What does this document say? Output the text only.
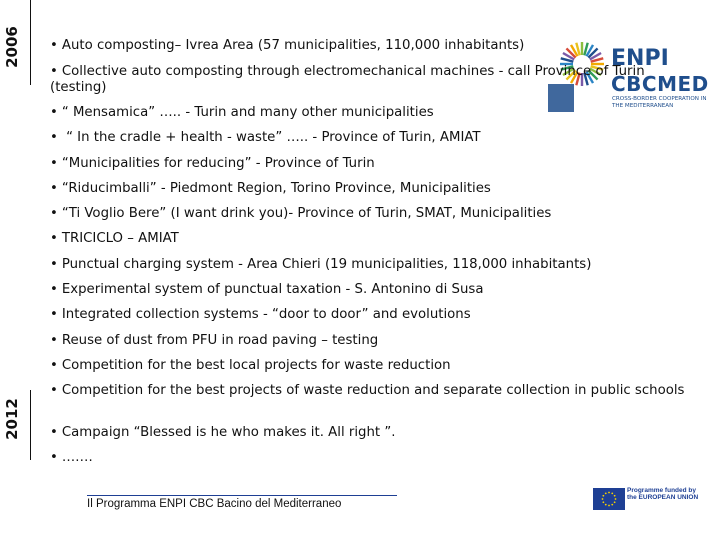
2006
2012
ENPI
CBCMED
CROSS-BORDER COOPERATION IN THE MEDITERRANEAN
• Auto composting– Ivrea Area (57 municipalities, 110,000 inhabitants)
• Collective auto composting through electromechanical machines - call Province of Turin (testing)
• “ Mensamica” ….. - Turin and many other municipalities
• “ In the cradle + health - waste” ….. - Province of Turin, AMIAT
• “Municipalities for reducing” - Province of Turin
• “Riducimballi” - Piedmont Region, Torino Province, Municipalities
• “Ti Voglio Bere” (I want drink you)- Province of Turin, SMAT, Municipalities
• TRICICLO – AMIAT
• Punctual charging system - Area Chieri (19 municipalities, 118,000 inhabitants)
• Experimental system of punctual taxation - S. Antonino di Susa
• Integrated collection systems - “door to door” and evolutions
• Reuse of dust from PFU in road paving – testing
• Competition for the best local projects for waste reduction
• Competition for the best projects of waste reduction and separate collection in public schools
• Campaign “Blessed is he who makes it. All right ”.
• …….
Il Programma ENPI CBC Bacino del Mediterraneo
Programme funded by the EUROPEAN UNION
